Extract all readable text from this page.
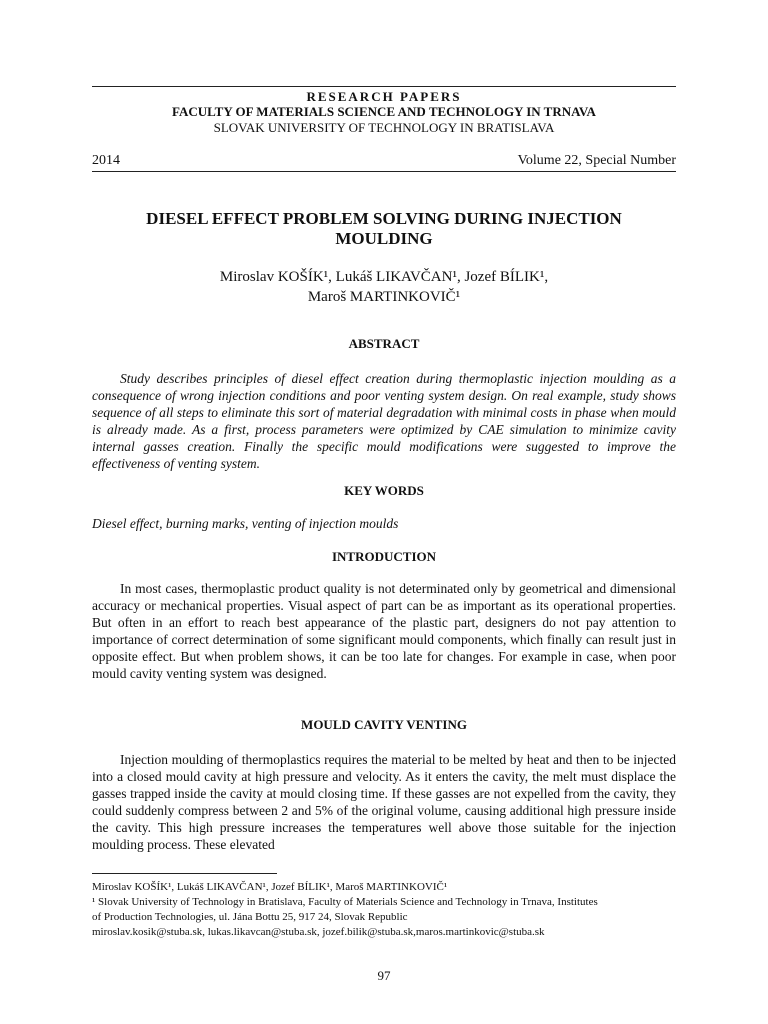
RESEARCH PAPERS
FACULTY OF MATERIALS SCIENCE AND TECHNOLOGY IN TRNAVA
SLOVAK UNIVERSITY OF TECHNOLOGY IN BRATISLAVA
2014	Volume 22, Special Number
DIESEL EFFECT PROBLEM SOLVING DURING INJECTION
MOULDING
Miroslav KOŠÍK¹, Lukáš LIKAVČAN¹, Jozef BÍLIK¹,
Maroš MARTINKOVIČ¹
ABSTRACT

Study describes principles of diesel effect creation during thermoplastic injection moulding as a consequence of wrong injection conditions and poor venting system design. On real example, study shows sequence of all steps to eliminate this sort of material degradation with minimal costs in phase when mould is already made. As a first, process parameters were optimized by CAE simulation to minimize cavity internal gasses creation. Finally the specific mould modifications were suggested to improve the effectiveness of venting system.

KEY WORDS
Diesel effect, burning marks, venting of injection moulds
INTRODUCTION

In most cases, thermoplastic product quality is not determinated only by geometrical and dimensional accuracy or mechanical properties. Visual aspect of part can be as important as its operational properties. But often in an effort to reach best appearance of the plastic part, designers do not pay attention to importance of correct determination of some significant mould components, which finally can result just in opposite effect. But when problem shows, it can be too late for changes. For example in case, when poor mould cavity venting system was designed.

MOULD CAVITY VENTING

Injection moulding of thermoplastics requires the material to be melted by heat and then to be injected into a closed mould cavity at high pressure and velocity. As it enters the cavity, the melt must displace the gasses trapped inside the cavity at mould closing time. If these gasses are not expelled from the cavity, they could suddenly compress between 2 and 5% of the original volume, causing additional high pressure inside the cavity. This high pressure increases the temperatures well above those suitable for the injection moulding process. These elevated

Miroslav KOŠÍK¹, Lukáš LIKAVČAN¹, Jozef BÍLIK¹, Maroš MARTINKOVIČ¹
¹ Slovak University of Technology in Bratislava, Faculty of Materials Science and Technology in Trnava, Institutes
of Production Technologies, ul. Jána Bottu 25, 917 24, Slovak Republic
miroslav.kosik@stuba.sk, lukas.likavcan@stuba.sk, jozef.bilik@stuba.sk,maros.martinkovic@stuba.sk
97
